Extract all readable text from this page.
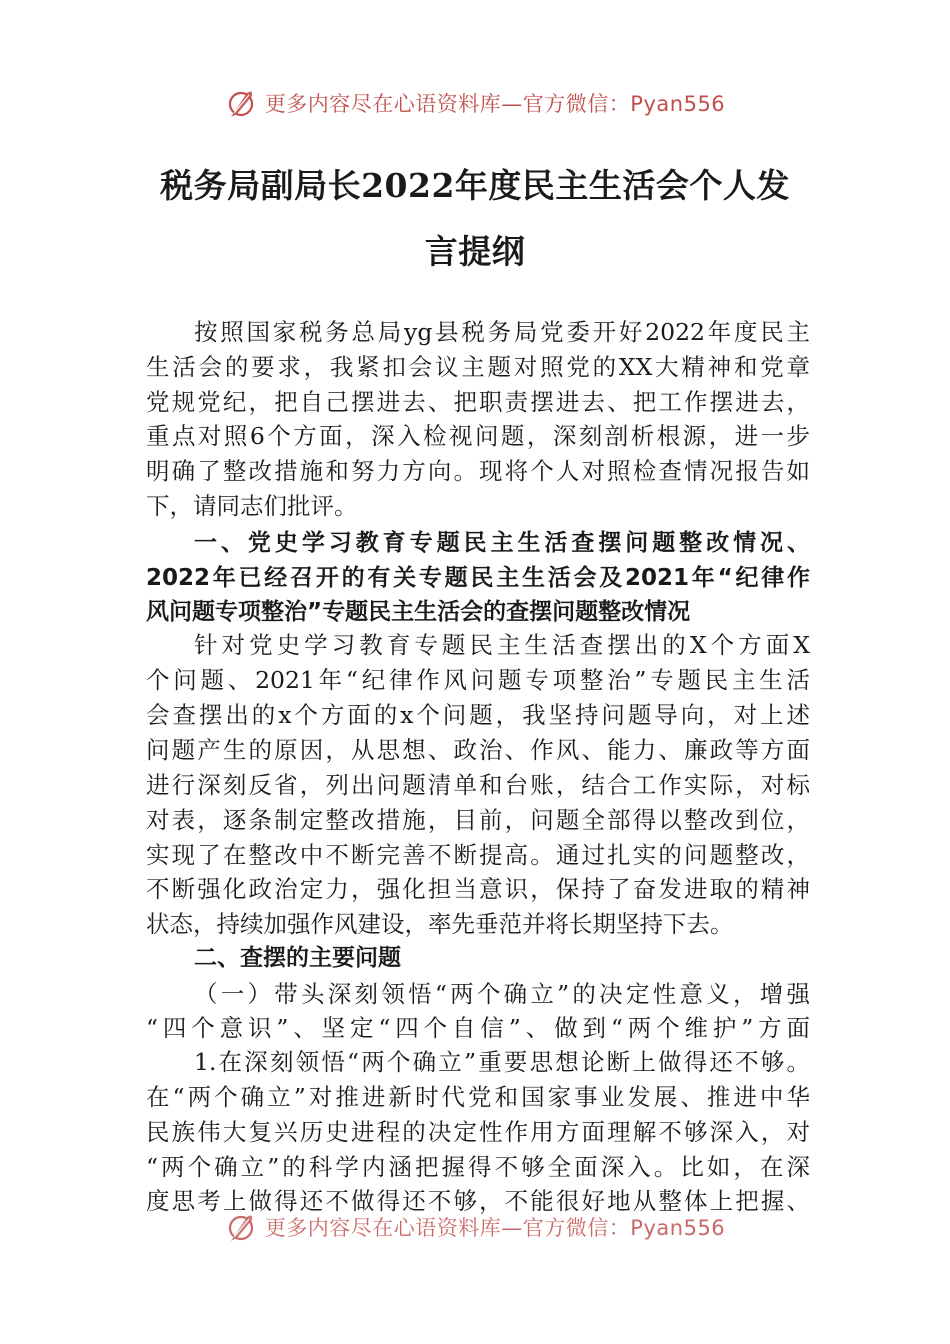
更多内容尽在心语资料库—官方微信：Pyan556
税务局副局长2022年度民主生活会个人发
言提纲
按照国家税务总局yg县税务局党委开好2022年度民主
生活会的要求，我紧扣会议主题对照党的XX大精神和党章
党规党纪，把自己摆进去、把职责摆进去、把工作摆进去，
重点对照6个方面，深入检视问题，深刻剖析根源，进一步
明确了整改措施和努力方向。现将个人对照检查情况报告如
下，请同志们批评。
一、党史学习教育专题民主生活查摆问题整改情况、
2022年已经召开的有关专题民主生活会及2021年“纪律作
风问题专项整治”专题民主生活会的查摆问题整改情况
针对党史学习教育专题民主生活查摆出的X个方面X
个问题、2021年“纪律作风问题专项整治”专题民主生活
会查摆出的x个方面的x个问题，我坚持问题导向，对上述
问题产生的原因，从思想、政治、作风、能力、廉政等方面
进行深刻反省，列出问题清单和台账，结合工作实际，对标
对表，逐条制定整改措施，目前，问题全部得以整改到位，
实现了在整改中不断完善不断提高。通过扎实的问题整改，
不断强化政治定力，强化担当意识，保持了奋发进取的精神
状态，持续加强作风建设，率先垂范并将长期坚持下去。
二、查摆的主要问题
（一）带头深刻领悟“两个确立”的决定性意义，增强
“四个意识”、坚定“四个自信”、做到“两个维护”方面
1.在深刻领悟“两个确立”重要思想论断上做得还不够。
在“两个确立”对推进新时代党和国家事业发展、推进中华
民族伟大复兴历史进程的决定性作用方面理解不够深入，对
“两个确立”的科学内涵把握得不够全面深入。比如，在深
度思考上做得还不做得还不够，不能很好地从整体上把握、
更多内容尽在心语资料库—官方微信：Pyan556
